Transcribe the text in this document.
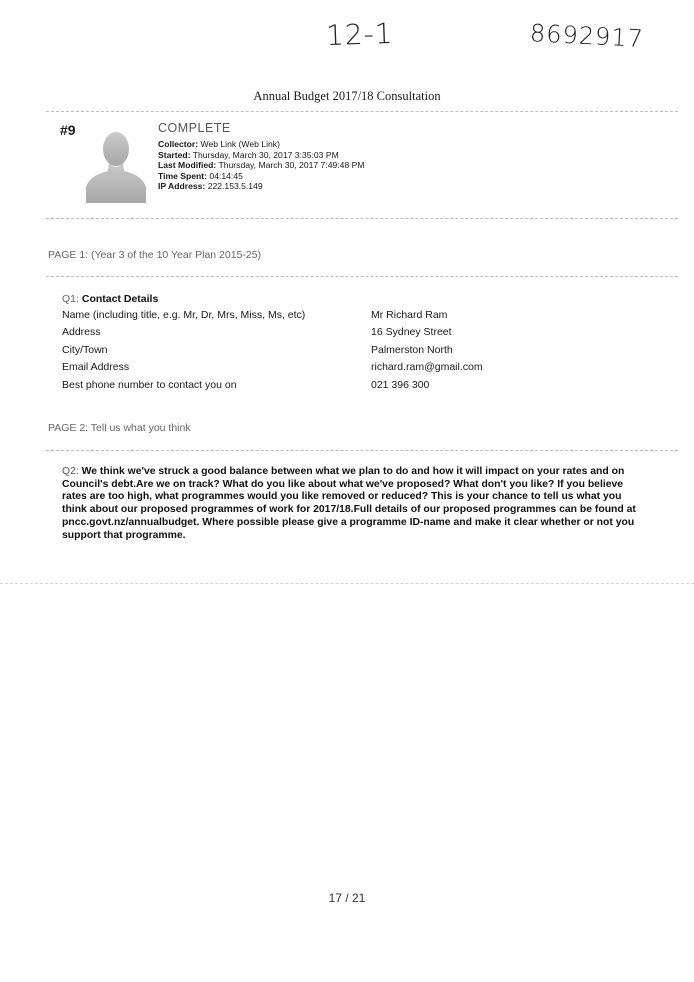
12-1	8692917
Annual Budget 2017/18 Consultation
#9	COMPLETE
Collector: Web Link (Web Link)
Started: Thursday, March 30, 2017 3:35:03 PM
Last Modified: Thursday, March 30, 2017 7:49:48 PM
Time Spent: 04:14:45
IP Address: 222.153.5.149
PAGE 1: (Year 3 of the 10 Year Plan 2015-25)
Q1: Contact Details
Name (including title, e.g. Mr, Dr, Mrs, Miss, Ms, etc)	Mr Richard Ram
Address	16 Sydney Street
City/Town	Palmerston North
Email Address	richard.ram@gmail.com
Best phone number to contact you on	021 396 300
PAGE 2: Tell us what you think
Q2: We think we've struck a good balance between what we plan to do and how it will impact on your rates and on Council's debt.Are we on track? What do you like about what we've proposed? What don't you like? If you believe rates are too high, what programmes would you like removed or reduced? This is your chance to tell us what you think about our proposed programmes of work for 2017/18.Full details of our proposed programmes can be found at pncc.govt.nz/annualbudget. Where possible please give a programme ID-name and make it clear whether or not you support that programme.
17 / 21
